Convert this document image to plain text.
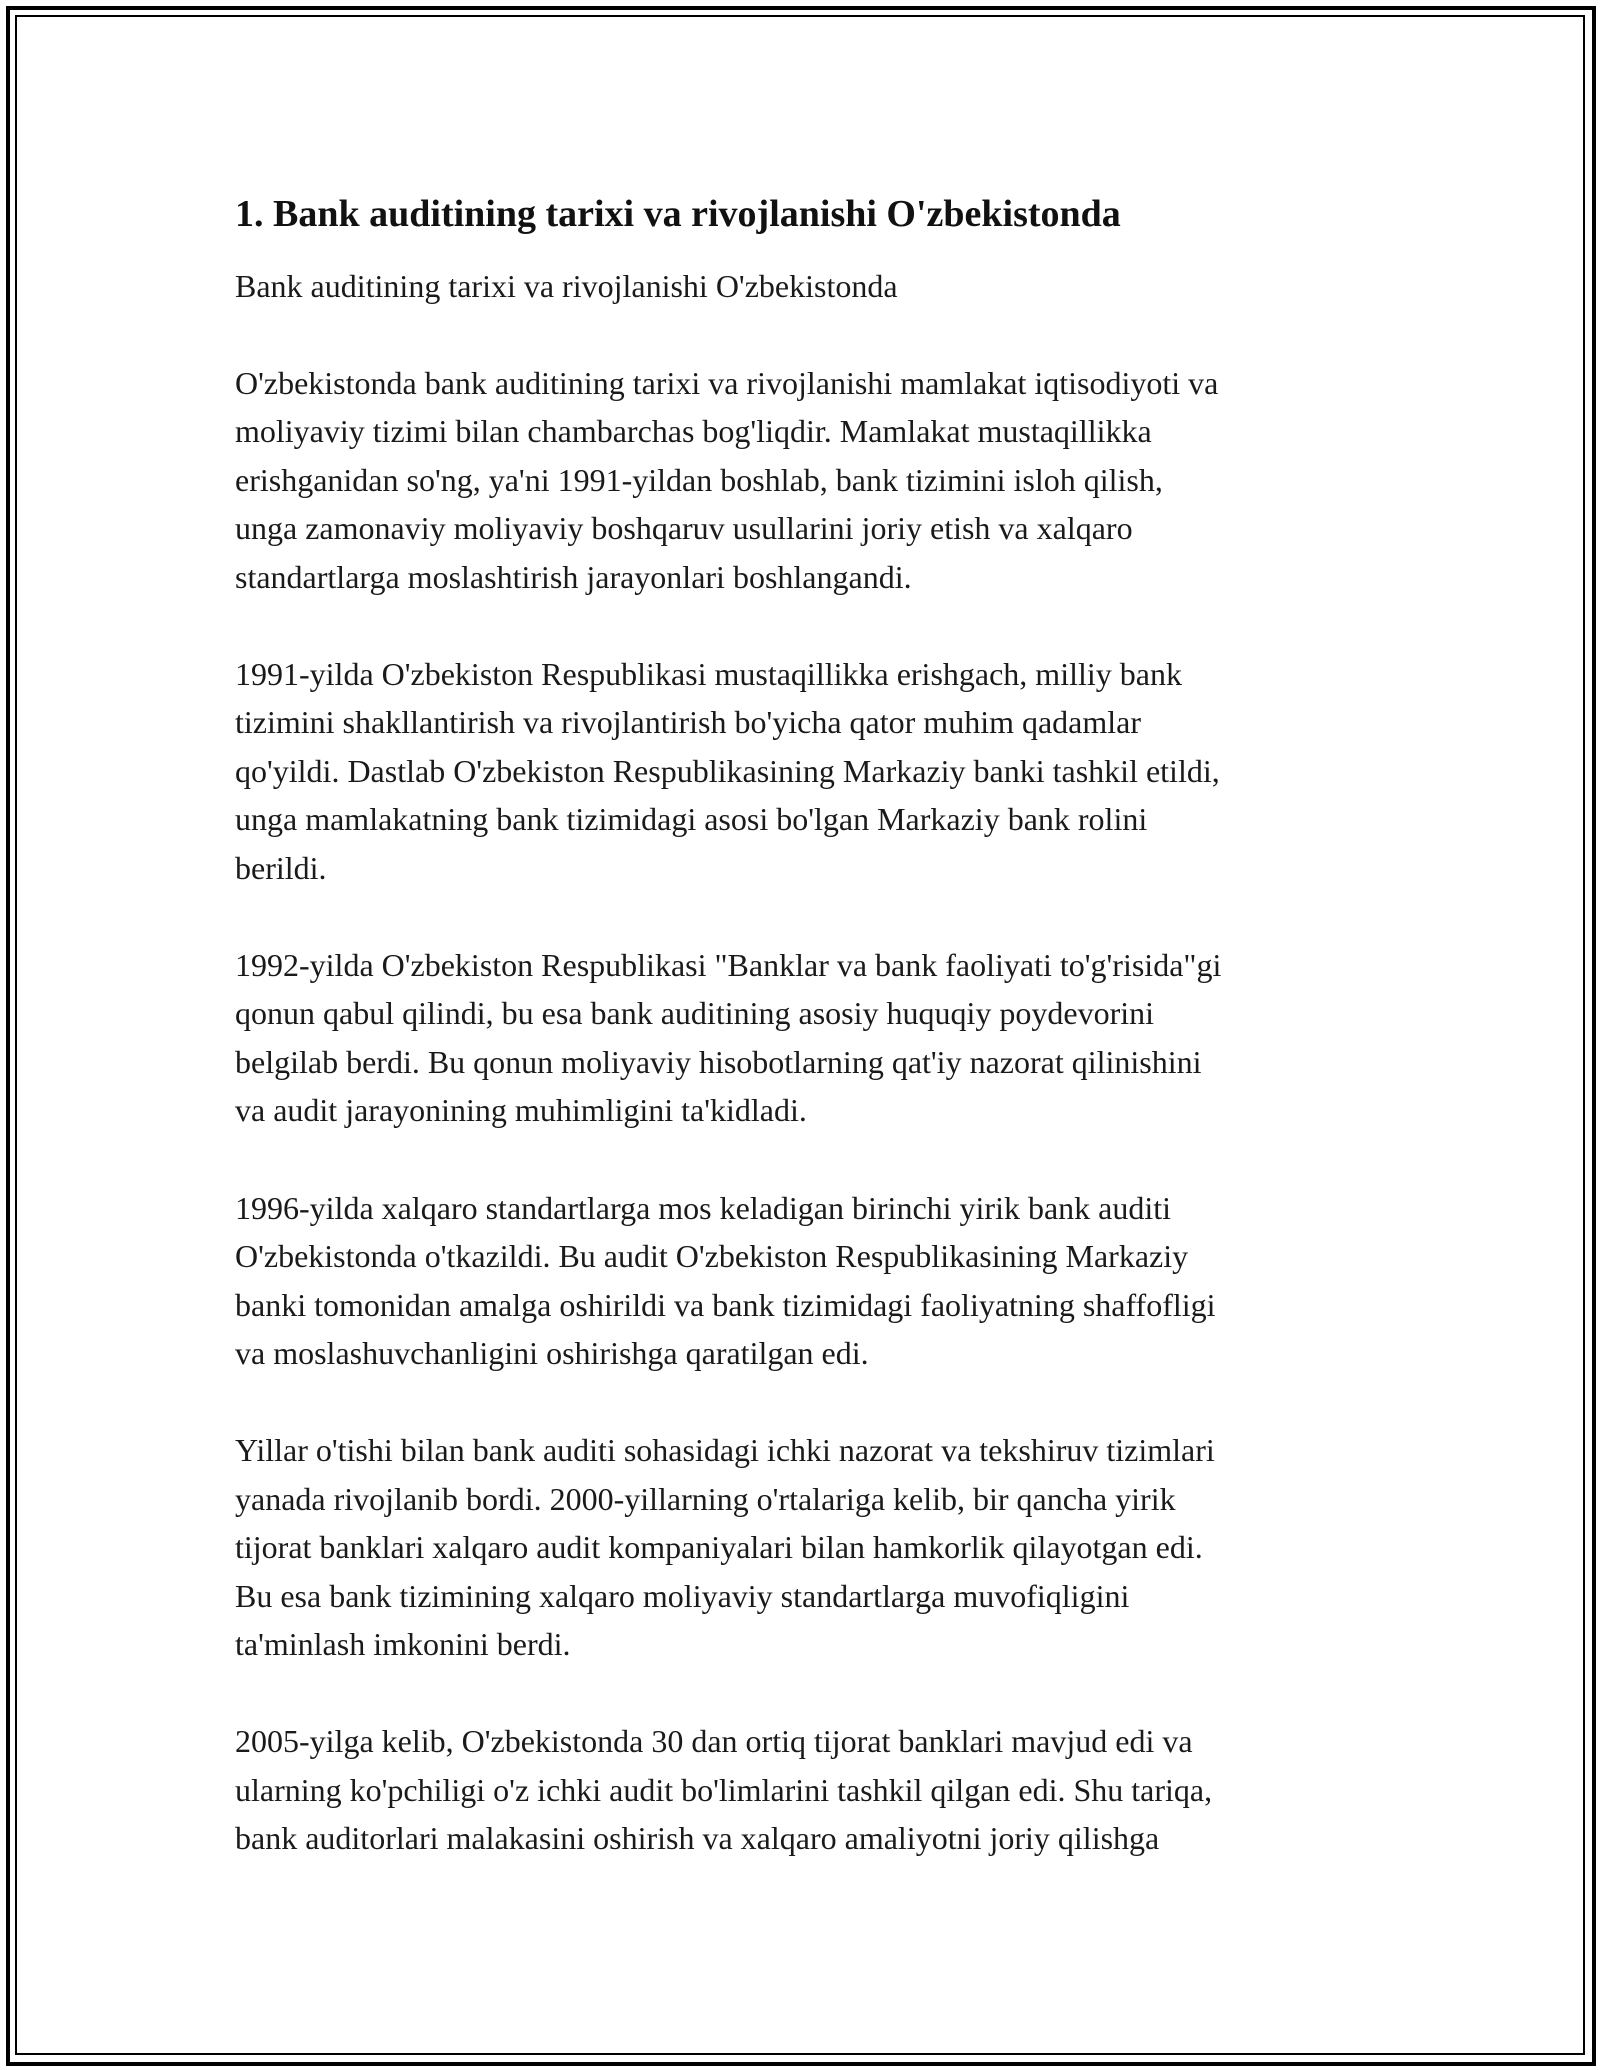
1. Bank auditining tarixi va rivojlanishi O'zbekistonda
Bank auditining tarixi va rivojlanishi O'zbekistonda
O'zbekistonda bank auditining tarixi va rivojlanishi mamlakat iqtisodiyoti va
moliyaviy tizimi bilan chambarchas bog'liqdir. Mamlakat mustaqillikka
erishganidan so'ng, ya'ni 1991-yildan boshlab, bank tizimini isloh qilish,
unga zamonaviy moliyaviy boshqaruv usullarini joriy etish va xalqaro
standartlarga moslashtirish jarayonlari boshlangandi.
1991-yilda O'zbekiston Respublikasi mustaqillikka erishgach, milliy bank
tizimini shakllantirish va rivojlantirish bo'yicha qator muhim qadamlar
qo'yildi. Dastlab O'zbekiston Respublikasining Markaziy banki tashkil etildi,
unga mamlakatning bank tizimidagi asosi bo'lgan Markaziy bank rolini
berildi.
1992-yilda O'zbekiston Respublikasi "Banklar va bank faoliyati to'g'risida"gi
qonun qabul qilindi, bu esa bank auditining asosiy huquqiy poydevorini
belgilab berdi. Bu qonun moliyaviy hisobotlarning qat'iy nazorat qilinishini
va audit jarayonining muhimligini ta'kidladi.
1996-yilda xalqaro standartlarga mos keladigan birinchi yirik bank auditi
O'zbekistonda o'tkazildi. Bu audit O'zbekiston Respublikasining Markaziy
banki tomonidan amalga oshirildi va bank tizimidagi faoliyatning shaffofligi
va moslashuvchanligini oshirishga qaratilgan edi.
Yillar o'tishi bilan bank auditi sohasidagi ichki nazorat va tekshiruv tizimlari
yanada rivojlanib bordi. 2000-yillarning o'rtalariga kelib, bir qancha yirik
tijorat banklari xalqaro audit kompaniyalari bilan hamkorlik qilayotgan edi.
Bu esa bank tizimining xalqaro moliyaviy standartlarga muvofiqligini
ta'minlash imkonini berdi.
2005-yilga kelib, O'zbekistonda 30 dan ortiq tijorat banklari mavjud edi va
ularning ko'pchiligi o'z ichki audit bo'limlarini tashkil qilgan edi. Shu tariqa,
bank auditorlari malakasini oshirish va xalqaro amaliyotni joriy qilishga
